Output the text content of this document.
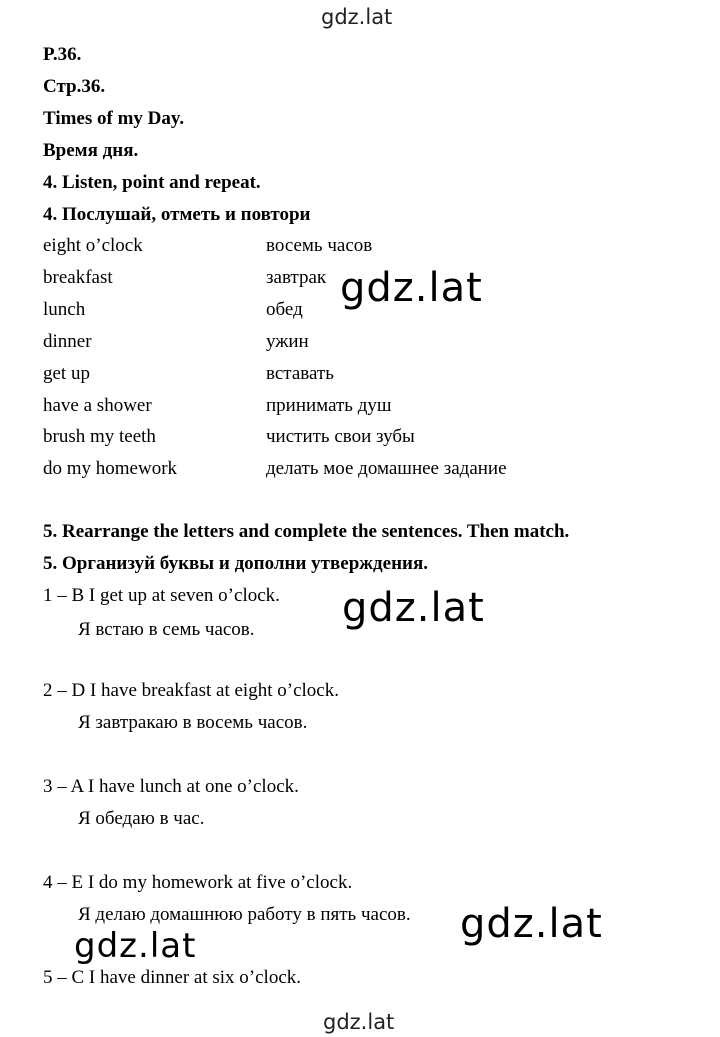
gdz.lat
P.36.
Стр.36.
Times of my Day.
Время дня.
4. Listen, point and repeat.
4. Послушай, отметь и повтори
eight o’clock	восемь часов
breakfast	завтрак
lunch	обед
dinner	ужин
get up	вставать
have a shower	принимать душ
brush my teeth	чистить свои зубы
do my homework	делать мое домашнее задание
5. Rearrange the letters and complete the sentences. Then match.
5. Организуй буквы и дополни утверждения.
1 – B I get up at seven o’clock.
Я встаю в семь часов.
2 – D I have breakfast at eight o’clock.
Я завтракаю в восемь часов.
3 – A I have lunch at one o’clock.
Я обедаю в час.
4 – E I do my homework at five o’clock.
Я делаю домашнюю работу в пять часов.
5 – C I have dinner at six o’clock.
gdz.lat
gdz.lat
gdz.lat
gdz.lat
gdz.lat
